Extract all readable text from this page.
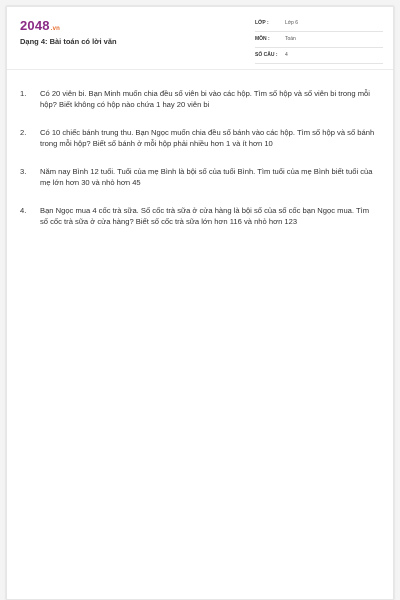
2048.vn
Dạng 4: Bài toán có lời văn
LỚP :	Lớp 6
MÔN :	Toán
SỐ CÂU : 4
1. Có 20 viên bi. Bạn Minh muốn chia đều số viên bi vào các hộp. Tìm số hộp và số viên bi trong mỗi hộp? Biết không có hộp nào chứa 1 hay 20 viên bi
2. Có 10 chiếc bánh trung thu. Bạn Ngọc muốn chia đều số bánh vào các hộp. Tìm số hộp và số bánh trong mỗi hộp? Biết số bánh ở mỗi hộp phải nhiều hơn 1 và ít hơn 10
3. Năm nay Bình 12 tuổi. Tuổi của mẹ Bình là bội số của tuổi Bình. Tìm tuổi của mẹ Bình biết tuổi của mẹ lớn hơn 30 và nhỏ hơn 45
4. Bạn Ngọc mua 4 cốc trà sữa. Số cốc trà sữa ở cửa hàng là bội số của số cốc bạn Ngọc mua. Tìm số cốc trà sữa ở cửa hàng? Biết số cốc trà sữa lớn hơn 116 và nhỏ hơn 123
